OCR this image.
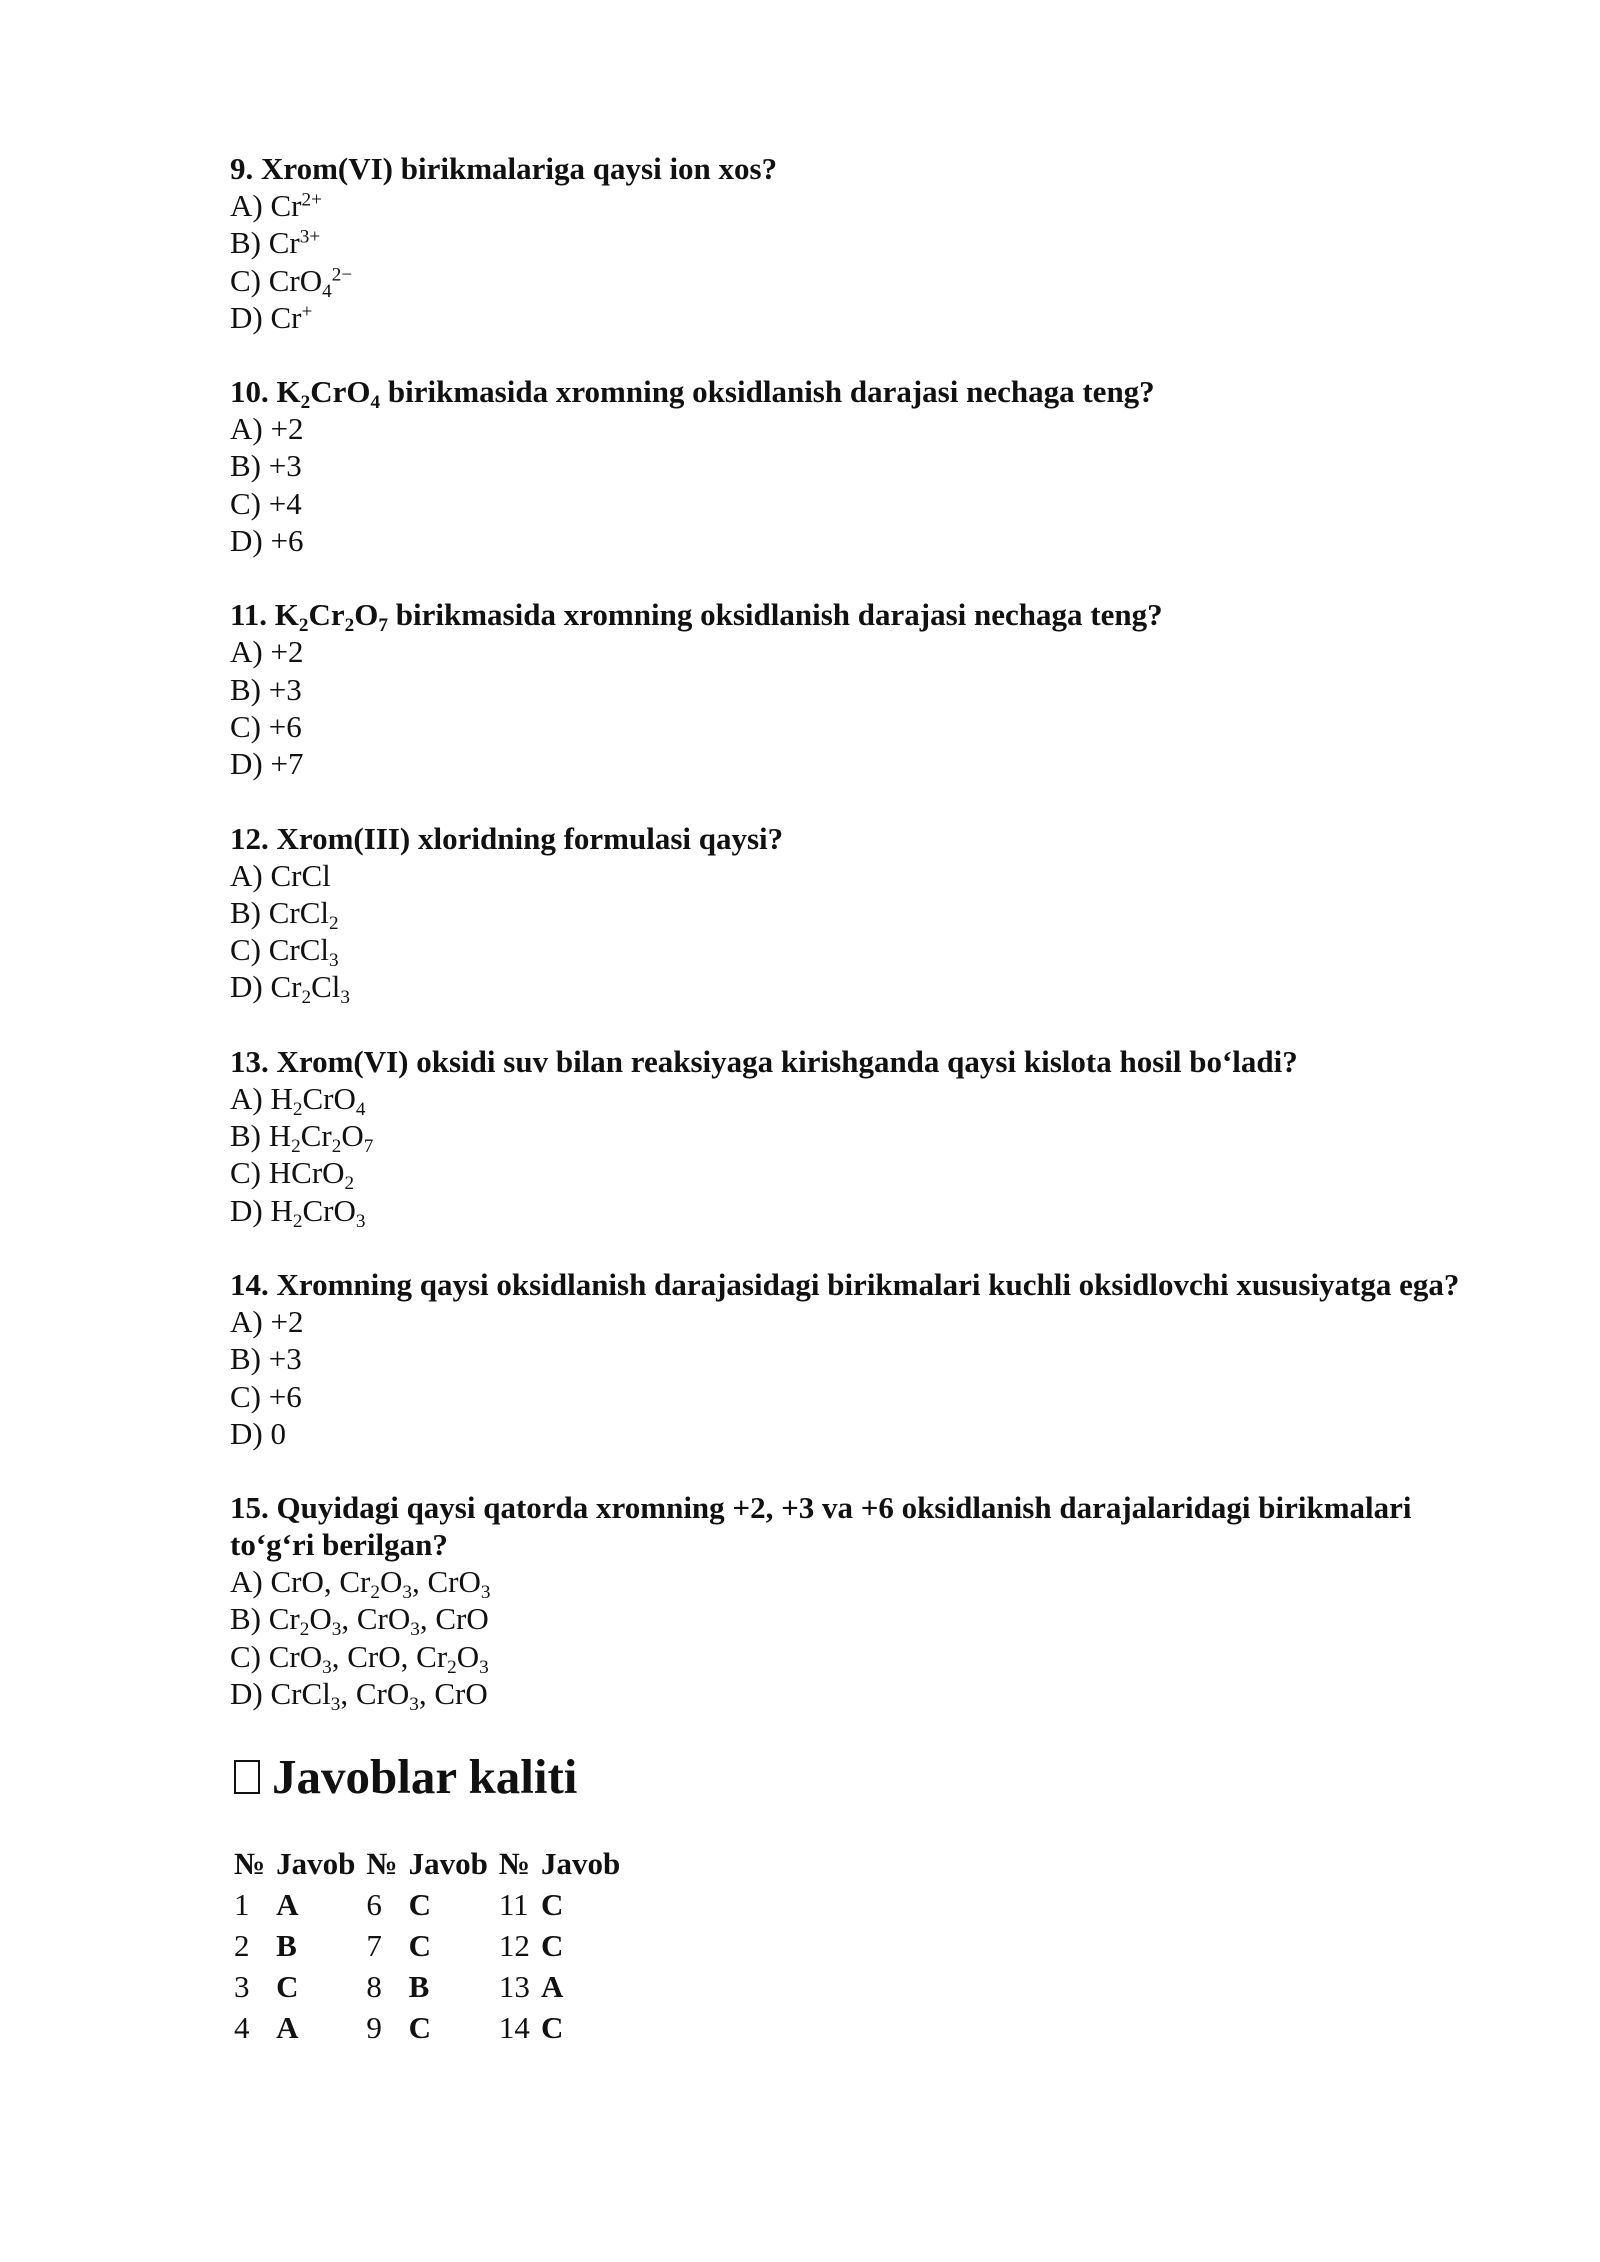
9. Xrom(VI) birikmalariga qaysi ion xos?

A) $Cr^{2+}$

B) $Cr^{3+}$

C) CrO$_4^{2-}$

D) Cr+

10. $K_2CrO_4$ birikmasida xromning oksidlanish darajasi nechaga teng?

A) +2

B) +3

C) +4

D) +6

11. $K_2Cr_2O_7$ birikmasida xromning oksidlanish darajasi nechaga teng?

A) +2

B) +3

C) +6

D) +7

12. Xrom(III) xloridning formulasi qaysi?

A) CrCl

B) CrCl$_2$

C) CrCl$_3$

D) $Cr_2Cl_3$

13. Xrom(VI) oksidi suv bilan reaksiyaga kirishganda qaysi kislota hosil bo‘ladi?

A) $H_2CrO_4$

B) $H_2Cr_2O_7$

C) HCrO$_2$

D) $H_2CrO_3$

14. Xromning qaysi oksidlanish darajasidagi birikmalari kuchli oksidlovchi xususiyatga ega?

A) +2

B) +3

C) +6

D) 0

15. Quyidagi qaysi qatorda xromning +2, +3 va +6 oksidlanish darajalaridagi birikmalari to‘g‘ri berilgan?

A) CrO, $Cr_2O_3$, CrO$_3$

B) $Cr_2O_3$, CrO$_3$, CrO

C) CrO$_3$, CrO, $Cr_2O_3$

D) CrCl$_3$, CrO$_3$, CrO

Javoblar kaliti
№	Javob	№	Javob	№	Javob
1	A	6	C	11	C
2	B	7	C	12	C
3	C	8	B	13	A
4	A	9	C	14	C
